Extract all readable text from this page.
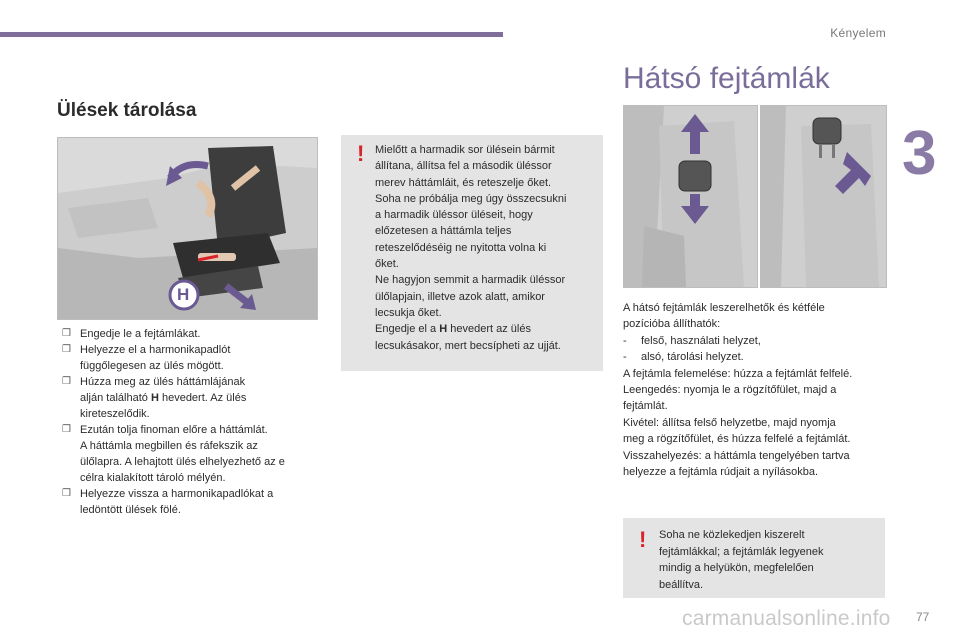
Kényelem
3
Ülések tárolása
H
❒ Engedje le a fejtámlákat.
❒ Helyezze el a harmonikapadlót
függőlegesen az ülés mögött.
❒ Húzza meg az ülés háttámlájának
alján található H hevedert. Az ülés
kireteszelődik.
❒ Ezután tolja finoman előre a háttámlát.
A háttámla megbillen és ráfekszik az
ülőlapra. A lehajtott ülés elhelyezhető az e
célra kialakított tároló mélyén.
❒ Helyezze vissza a harmonikapadlókat a
ledöntött ülések fölé.
! Mielőtt a harmadik sor ülésein bármit
állítana, állítsa fel a második üléssor
merev háttámláit, és reteszelje őket.
Soha ne próbálja meg úgy összecsukni
a harmadik üléssor üléseit, hogy
előzetesen a háttámla teljes
reteszelődéséig ne nyitotta volna ki
őket.
Ne hagyjon semmit a harmadik üléssor
ülőlapjain, illetve azok alatt, amikor
lecsukja őket.
Engedje el a H hevedert az ülés
lecsukásakor, mert becsípheti az ujját.
Hátsó fejtámlák
A hátsó fejtámlák leszerelhetők és kétféle
pozícióba állíthatók:
- felső, használati helyzet,
- alsó, tárolási helyzet.
A fejtámla felemelése: húzza a fejtámlát felfelé.
Leengedés: nyomja le a rögzítőfület, majd a
fejtámlát.
Kivétel: állítsa felső helyzetbe, majd nyomja
meg a rögzítőfület, és húzza felfelé a fejtámlát.
Visszahelyezés: a háttámla tengelyében tartva
helyezze a fejtámla rúdjait a nyílásokba.
! Soha ne közlekedjen kiszerelt
fejtámlákkal; a fejtámlák legyenek
mindig a helyükön, megfelelően
beállítva.
carmanualsonline.info 77
